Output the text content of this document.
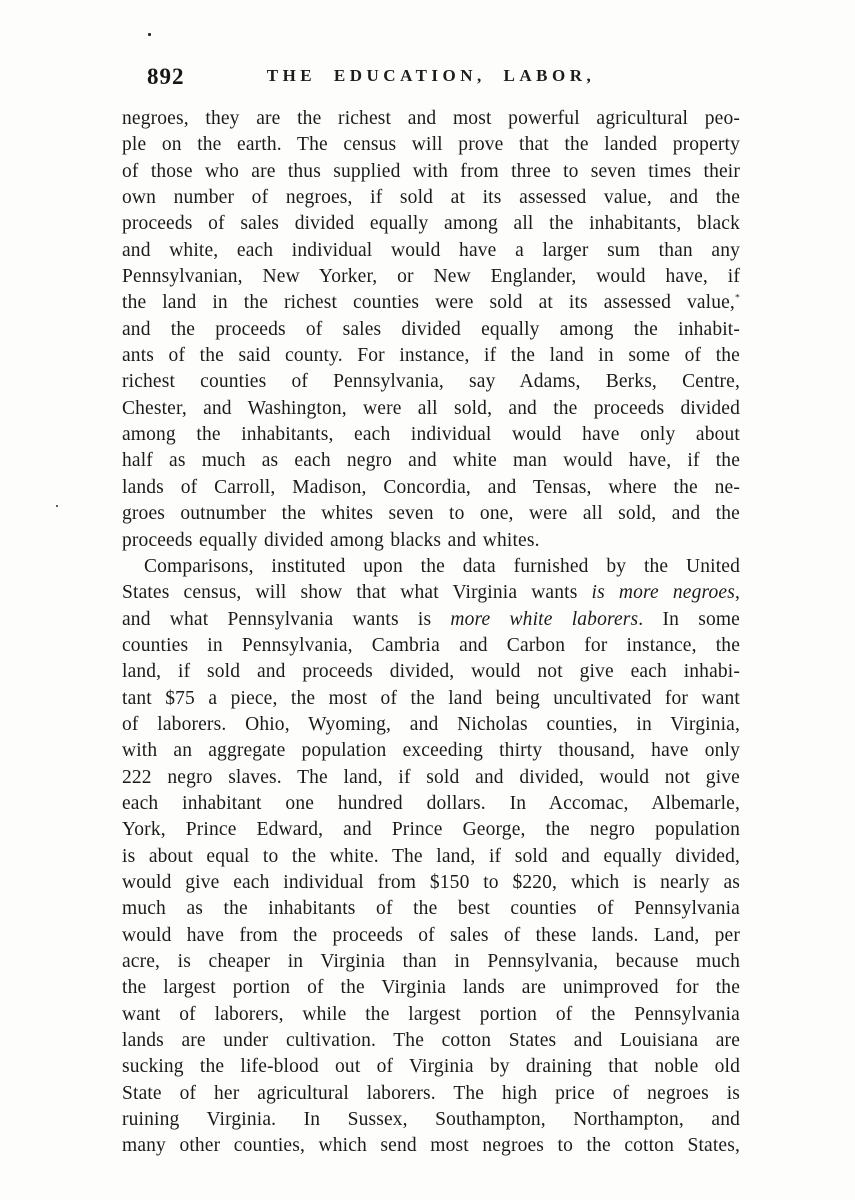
892	THE EDUCATION, LABOR,
negroes, they are the richest and most powerful agricultural peo-
ple on the earth. The census will prove that the landed property
of those who are thus supplied with from three to seven times their
own number of negroes, if sold at its assessed value, and the
proceeds of sales divided equally among all the inhabitants, black
and white, each individual would have a larger sum than any
Pennsylvanian, New Yorker, or New Englander, would have, if
the land in the richest counties were sold at its assessed value,*
and the proceeds of sales divided equally among the inhabit-
ants of the said county. For instance, if the land in some of the
richest counties of Pennsylvania, say Adams, Berks, Centre,
Chester, and Washington, were all sold, and the proceeds divided
among the inhabitants, each individual would have only about
half as much as each negro and white man would have, if the
lands of Carroll, Madison, Concordia, and Tensas, where the ne-
groes outnumber the whites seven to one, were all sold, and the
proceeds equally divided among blacks and whites.
Comparisons, instituted upon the data furnished by the United
States census, will show that what Virginia wants is more negroes,
and what Pennsylvania wants is more white laborers. In some
counties in Pennsylvania, Cambria and Carbon for instance, the
land, if sold and proceeds divided, would not give each inhabi-
tant $75 a piece, the most of the land being uncultivated for want
of laborers. Ohio, Wyoming, and Nicholas counties, in Virginia,
with an aggregate population exceeding thirty thousand, have only
222 negro slaves. The land, if sold and divided, would not give
each inhabitant one hundred dollars. In Accomac, Albemarle,
York, Prince Edward, and Prince George, the negro population
is about equal to the white. The land, if sold and equally divided,
would give each individual from $150 to $220, which is nearly as
much as the inhabitants of the best counties of Pennsylvania
would have from the proceeds of sales of these lands. Land, per
acre, is cheaper in Virginia than in Pennsylvania, because much
the largest portion of the Virginia lands are unimproved for the
want of laborers, while the largest portion of the Pennsylvania
lands are under cultivation. The cotton States and Louisiana are
sucking the life-blood out of Virginia by draining that noble old
State of her agricultural laborers. The high price of negroes is
ruining Virginia. In Sussex, Southampton, Northampton, and
many other counties, which send most negroes to the cotton States,
